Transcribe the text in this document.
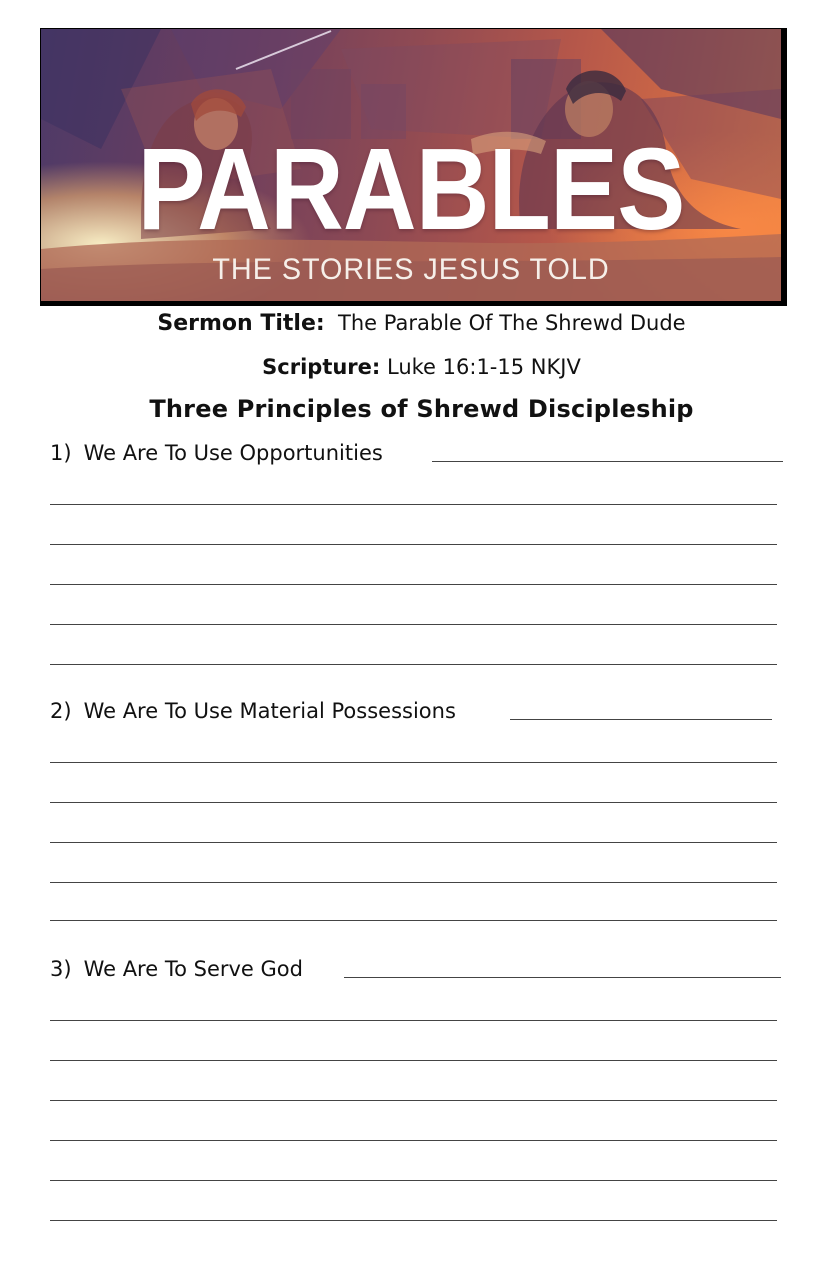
PARABLES
THE STORIES JESUS TOLD
Sermon Title: The Parable Of The Shrewd Dude
Scripture: Luke 16:1-15 NKJV
Three Principles of Shrewd Discipleship
1) We Are To Use Opportunities
2) We Are To Use Material Possessions
3) We Are To Serve God
